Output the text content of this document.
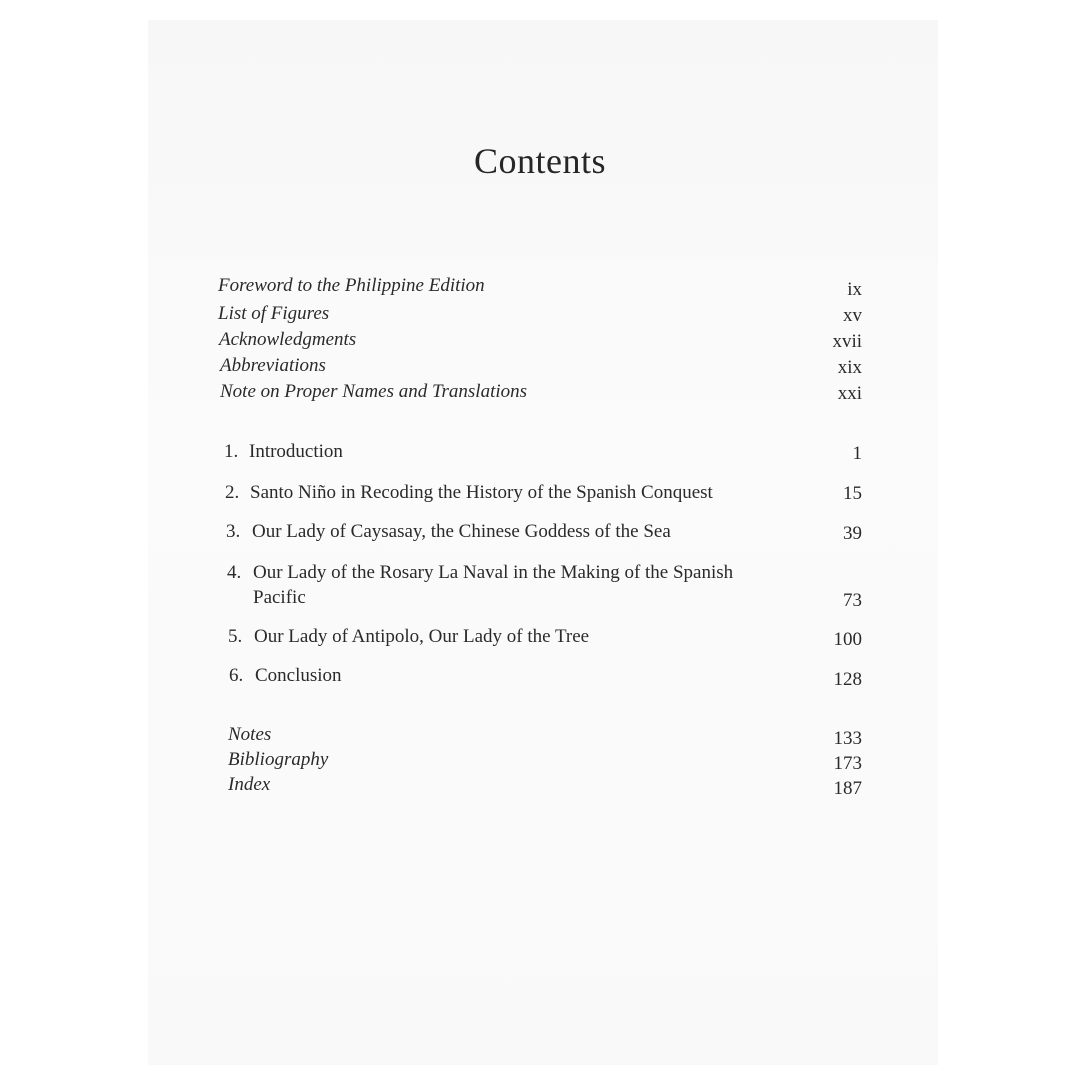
Contents
Foreword to the Philippine Edition	ix
List of Figures	xv
Acknowledgments	xvii
Abbreviations	xix
Note on Proper Names and Translations	xxi
1. Introduction	1
2. Santo Niño in Recoding the History of the Spanish Conquest	15
3. Our Lady of Caysasay, the Chinese Goddess of the Sea	39
4. Our Lady of the Rosary La Naval in the Making of the Spanish
Pacific	73
5. Our Lady of Antipolo, Our Lady of the Tree	100
6. Conclusion	128
Notes	133
Bibliography	173
Index	187
